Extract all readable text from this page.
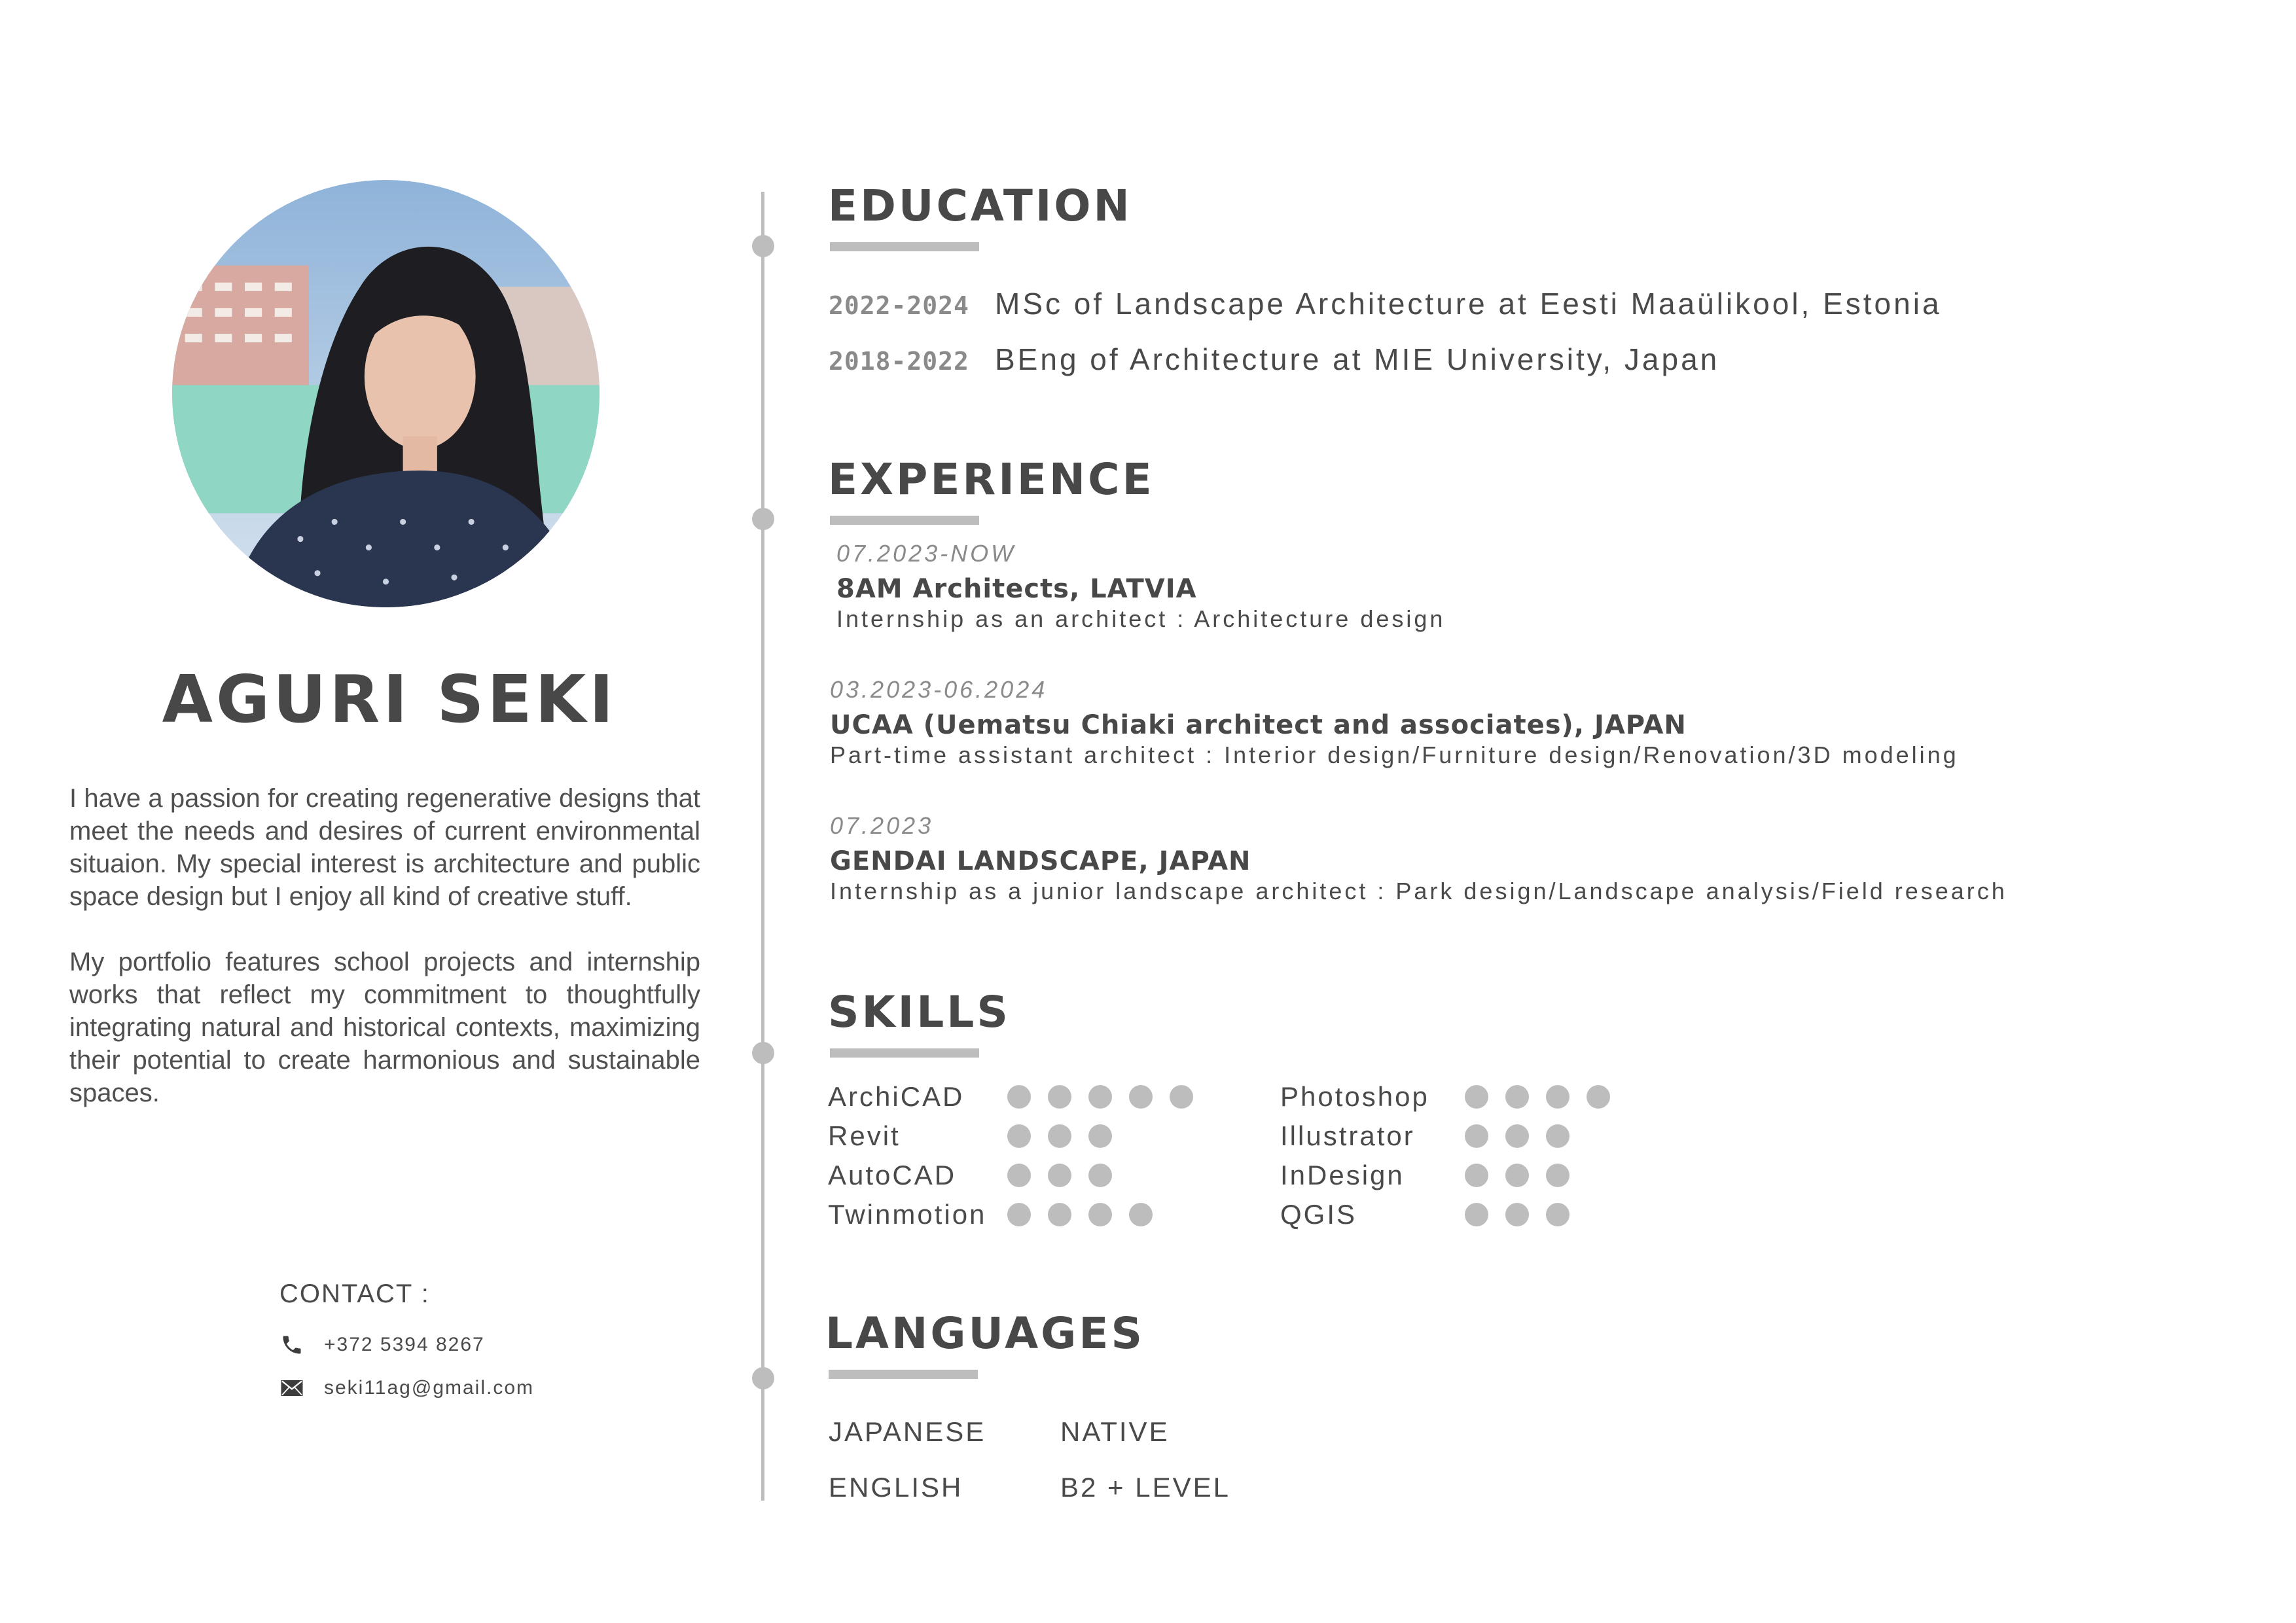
AGURI SEKI

I have a passion for creating regenerative designs that meet the needs and desires of current environmental situaion. My special interest is architecture and public space design but I enjoy all kind of creative stuff.

My portfolio features school projects and internship works that reflect my commitment to thoughtfully integrating natural and historical contexts, maximizing their potential to create harmonious and sustainable spaces.

CONTACT :
+372 5394 8267
seki11ag@gmail.com
EDUCATION
2022-2024 MSc of Landscape Architecture at Eesti Maaülikool, Estonia
2018-2022 BEng of Architecture at MIE University, Japan
EXPERIENCE
07.2023-NOW
8AM Architects, LATVIA
Internship as an architect : Architecture design
03.2023-06.2024
UCAA (Uematsu Chiaki architect and associates), JAPAN
Part-time assistant architect : Interior design/Furniture design/Renovation/3D modeling
07.2023
GENDAI LANDSCAPE, JAPAN
Internship as a junior landscape architect : Park design/Landscape analysis/Field research
SKILLS
ArchiCAD
Revit
AutoCAD
Twinmotion
Photoshop
Illustrator
InDesign
QGIS
LANGUAGES
JAPANESE	NATIVE
ENGLISH	B2 + LEVEL
